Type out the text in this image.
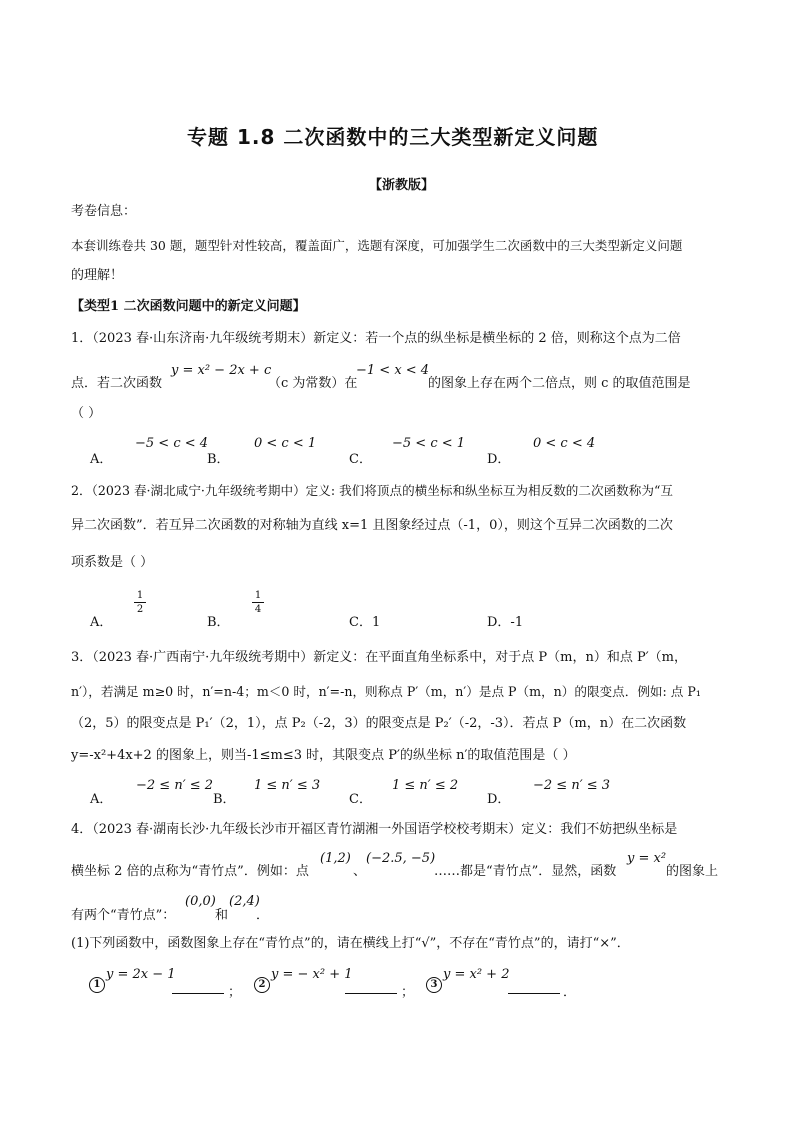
专题 1.8 二次函数中的三大类型新定义问题
【浙教版】
考卷信息：
本套训练卷共 30 题，题型针对性较高，覆盖面广，选题有深度，可加强学生二次函数中的三大类型新定义问题
的理解！
【类型1 二次函数问题中的新定义问题】
1．（2023 春·山东济南·九年级统考期末）新定义：若一个点的纵坐标是横坐标的 2 倍，则称这个点为二倍
点．若二次函数
y = x² − 2x + c
（c 为常数）在
−1 < x < 4
的图象上存在两个二倍点，则 c 的取值范围是
（ ）
A．
−5 < c < 4
B．
0 < c < 1
C．
−5 < c < 1
D．
0 < c < 4
2．（2023 春·湖北咸宁·九年级统考期中）定义: 我们将顶点的横坐标和纵坐标互为相反数的二次函数称为“互
异二次函数”．若互异二次函数的对称轴为直线 x=1 且图象经过点（-1，0），则这个互异二次函数的二次
项系数是（ ）
A．
1
2
B．
1
4
C．1	D．-1
3．（2023 春·广西南宁·九年级统考期中）新定义：在平面直角坐标系中，对于点 P（m，n）和点 P′（m，
n′），若满足 m≥0 时，n′=n-4；m＜0 时，n′=-n，则称点 P′（m，n′）是点 P（m，n）的限变点．例如: 点 P₁
（2，5）的限变点是 P₁′（2，1），点 P₂（-2，3）的限变点是 P₂′（-2，-3）．若点 P（m，n）在二次函数
y=-x²+4x+2 的图象上，则当-1≤m≤3 时，其限变点 P′的纵坐标 n′的取值范围是（ ）
A．
−2 ≤ n′ ≤ 2
B．
1 ≤ n′ ≤ 3
C．
1 ≤ n′ ≤ 2
D．
−2 ≤ n′ ≤ 3
4．（2023 春·湖南长沙·九年级长沙市开福区青竹湖湘一外国语学校校考期末）定义：我们不妨把纵坐标是
横坐标 2 倍的点称为“青竹点”．例如：点
(1,2)
、
(−2.5, −5)
……都是“青竹点”．显然，函数
y = x²
的图象上
有两个“青竹点”：
(0,0)
和
(2,4)
．
(1)下列函数中，函数图象上存在“青竹点”的，请在横线上打“√”，不存在“青竹点”的，请打“×”．
1
y = 2x − 1
；
2
y = − x² + 1
；
3
y = x² + 2
．
